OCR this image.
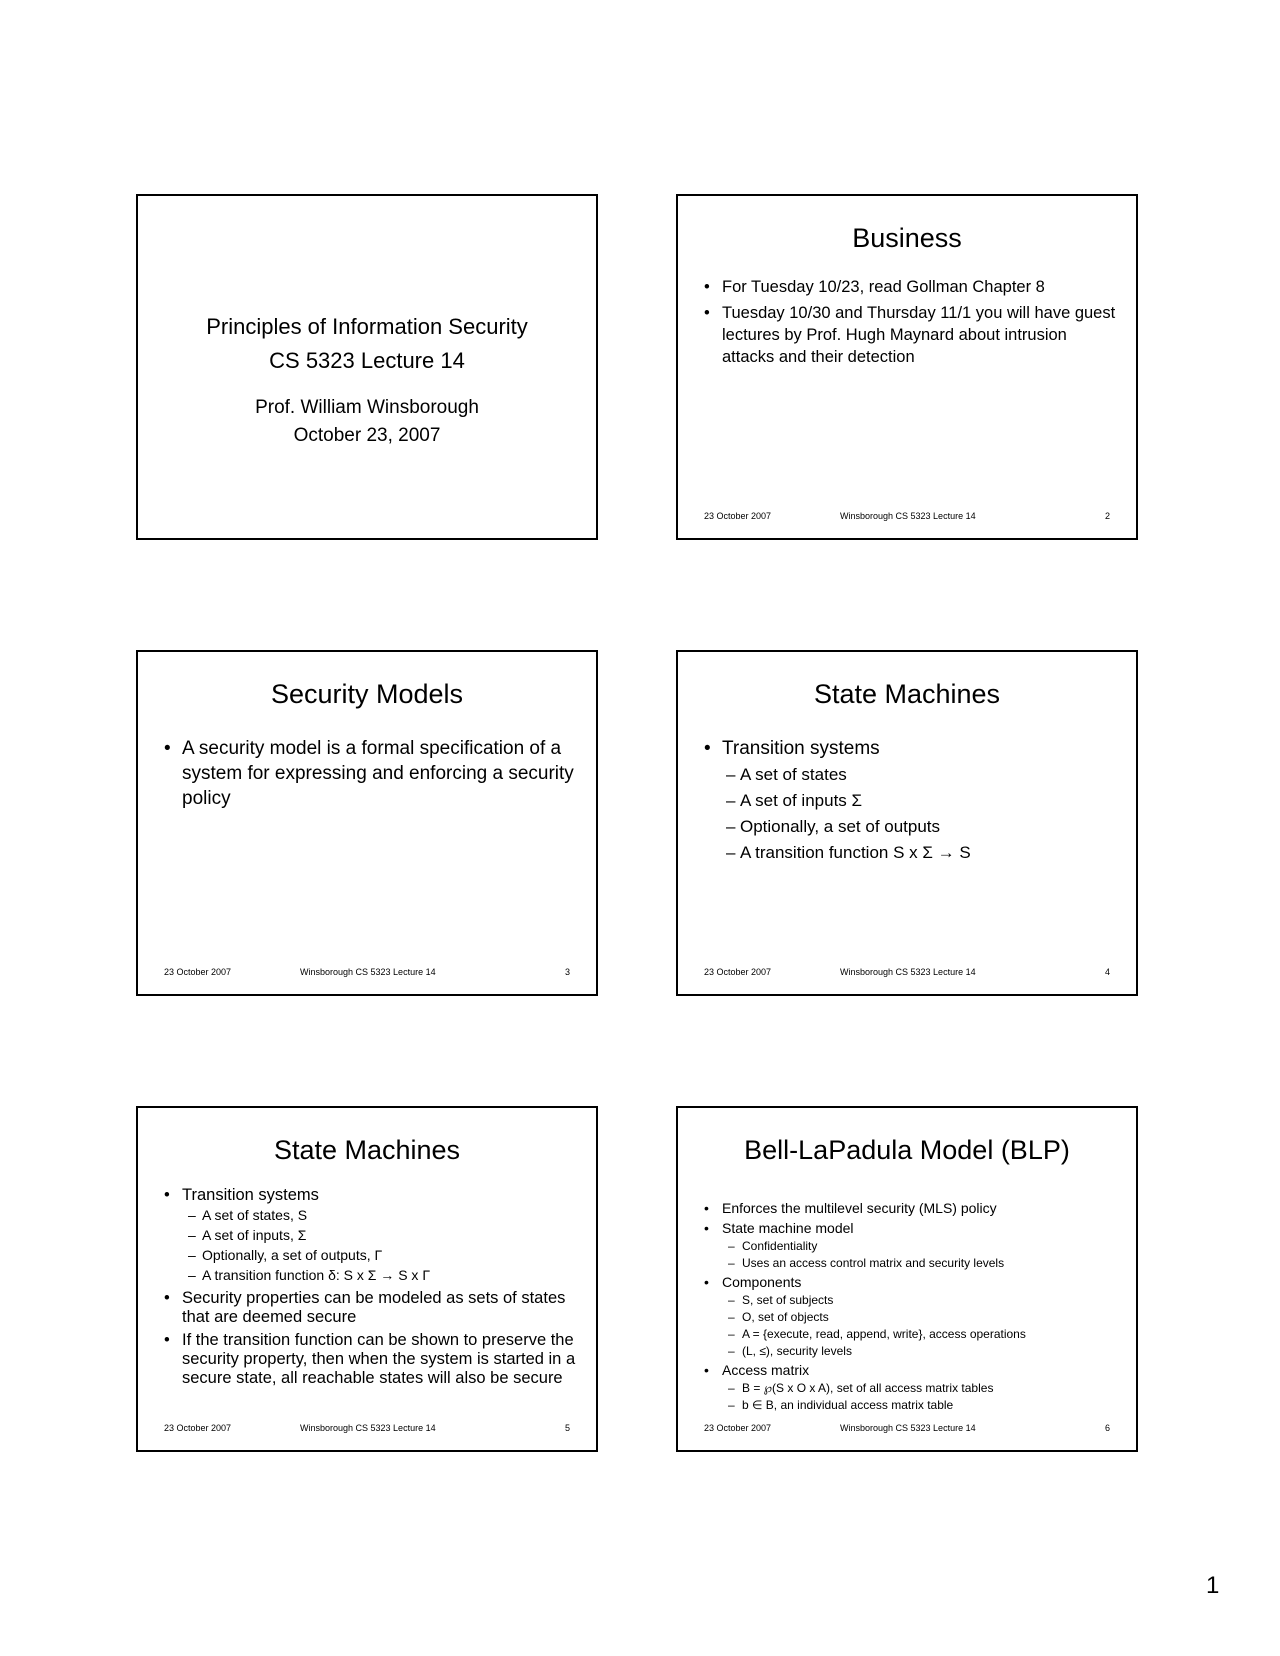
Principles of Information Security
CS 5323 Lecture 14
Prof. William Winsborough
October 23, 2007
Business
• For Tuesday 10/23, read Gollman Chapter 8
• Tuesday 10/30 and Thursday 11/1 you will have guest lectures by Prof. Hugh Maynard about intrusion attacks and their detection
23 October 2007	Winsborough CS 5323 Lecture 14	2
Security Models
• A security model is a formal specification of a system for expressing and enforcing a security policy
23 October 2007	Winsborough CS 5323 Lecture 14	3
State Machines
• Transition systems
– A set of states
– A set of inputs Σ
– Optionally, a set of outputs
– A transition function S x Σ → S
23 October 2007	Winsborough CS 5323 Lecture 14	4
State Machines
• Transition systems
– A set of states, S
– A set of inputs, Σ
– Optionally, a set of outputs, Γ
– A transition function δ: S x Σ → S x Γ
• Security properties can be modeled as sets of states that are deemed secure
• If the transition function can be shown to preserve the security property, then when the system is started in a secure state, all reachable states will also be secure
23 October 2007	Winsborough CS 5323 Lecture 14	5
Bell-LaPadula Model (BLP)
• Enforces the multilevel security (MLS) policy
• State machine model
– Confidentiality
– Uses an access control matrix and security levels
• Components
– S, set of subjects
– O, set of objects
– A = {execute, read, append, write}, access operations
– (L, ≤), security levels
• Access matrix
– B = ℘(S x O x A), set of all access matrix tables
– b ∈ B, an individual access matrix table
23 October 2007	Winsborough CS 5323 Lecture 14	6
1
